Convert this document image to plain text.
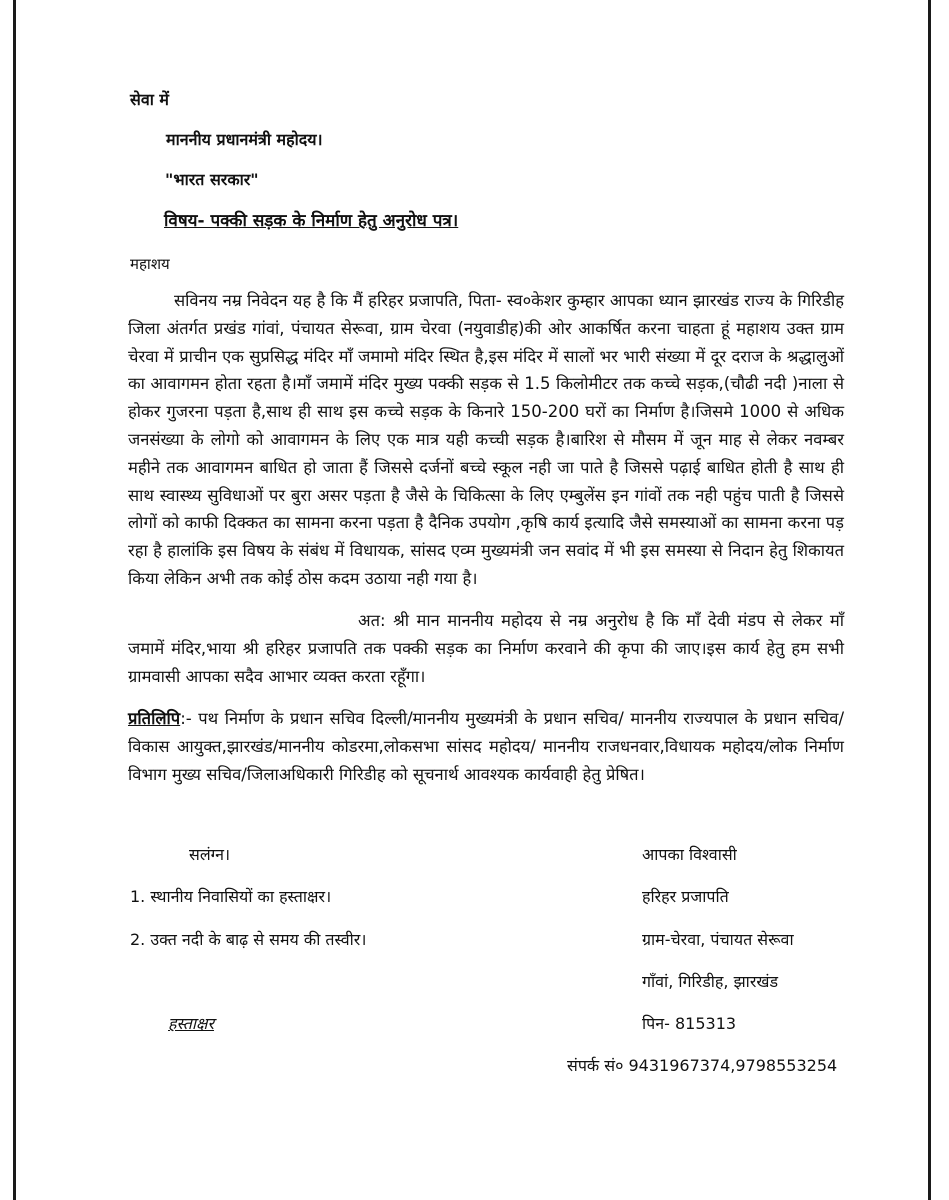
सेवा में
माननीय प्रधानमंत्री महोदय।
"भारत सरकार"
विषय- पक्की सड़क के निर्माण हेतु अनुरोध पत्र।
महाशय

सविनय नम्र निवेदन यह है कि मैं हरिहर प्रजापति, पिता- स्व०केशर कुम्हार आपका ध्यान झारखंड राज्य के गिरिडीह जिला अंतर्गत प्रखंड गांवां, पंचायत सेरूवा, ग्राम चेरवा (नयुवाडीह)की ओर आकर्षित करना चाहता हूं महाशय उक्त ग्राम चेरवा में प्राचीन एक सुप्रसिद्ध मंदिर माँ जमामो मंदिर स्थित है,इस मंदिर में सालों भर भारी संख्या में दूर दराज के श्रद्धालुओं का आवागमन होता रहता है।माँ जमामें मंदिर मुख्य पक्की सड़क से 1.5 किलोमीटर तक कच्चे सड़क,(चौढी नदी )नाला से होकर गुजरना पड़ता है,साथ ही साथ इस कच्चे सड़क के किनारे 150-200 घरों का निर्माण है।जिसमे 1000 से अधिक जनसंख्या के लोगो को आवागमन के लिए एक मात्र यही कच्ची सड़क है।बारिश से मौसम में जून माह से लेकर नवम्बर महीने तक आवागमन बाधित हो जाता हैं जिससे दर्जनों बच्चे स्कूल नही जा पाते है जिससे पढ़ाई बाधित होती है साथ ही साथ स्वास्थ्य सुविधाओं पर बुरा असर पड़ता है जैसे के चिकित्सा के लिए एम्बुलेंस इन गांवों तक नही पहुंच पाती है जिससे लोगों को काफी दिक्कत का सामना करना पड़ता है दैनिक उपयोग ,कृषि कार्य इत्यादि जैसे समस्याओं का सामना करना पड़ रहा है हालांकि इस विषय के संबंध में विधायक, सांसद एव्म मुख्यमंत्री जन सवांद में भी इस समस्या से निदान हेतु शिकायत किया लेकिन अभी तक कोई ठोस कदम उठाया नही गया है।

अत: श्री मान माननीय महोदय से नम्र अनुरोध है कि माँ देवी मंडप से लेकर माँ जमामें मंदिर,भाया श्री हरिहर प्रजापति तक पक्की सड़क का निर्माण करवाने की कृपा की जाए।इस कार्य हेतु हम सभी ग्रामवासी आपका सदैव आभार व्यक्त करता रहूँगा।

प्रतिलिपि:- पथ निर्माण के प्रधान सचिव दिल्ली/माननीय मुख्यमंत्री के प्रधान सचिव/ माननीय राज्यपाल के प्रधान सचिव/विकास आयुक्त,झारखंड/माननीय कोडरमा,लोकसभा सांसद महोदय/ माननीय राजधनवार,विधायक महोदय/लोक निर्माण विभाग मुख्य सचिव/जिलाअधिकारी गिरिडीह को सूचनार्थ आवश्यक कार्यवाही हेतु प्रेषित।

सलंग्न।
1. स्थानीय निवासियों का हस्ताक्षर।
2. उक्त नदी के बाढ़ से समय की तस्वीर।
हस्ताक्षर
आपका विश्वासी
हरिहर प्रजापति
ग्राम-चेरवा, पंचायत सेरूवा
गाँवां, गिरिडीह, झारखंड
पिन- 815313
संपर्क सं० 9431967374,9798553254
